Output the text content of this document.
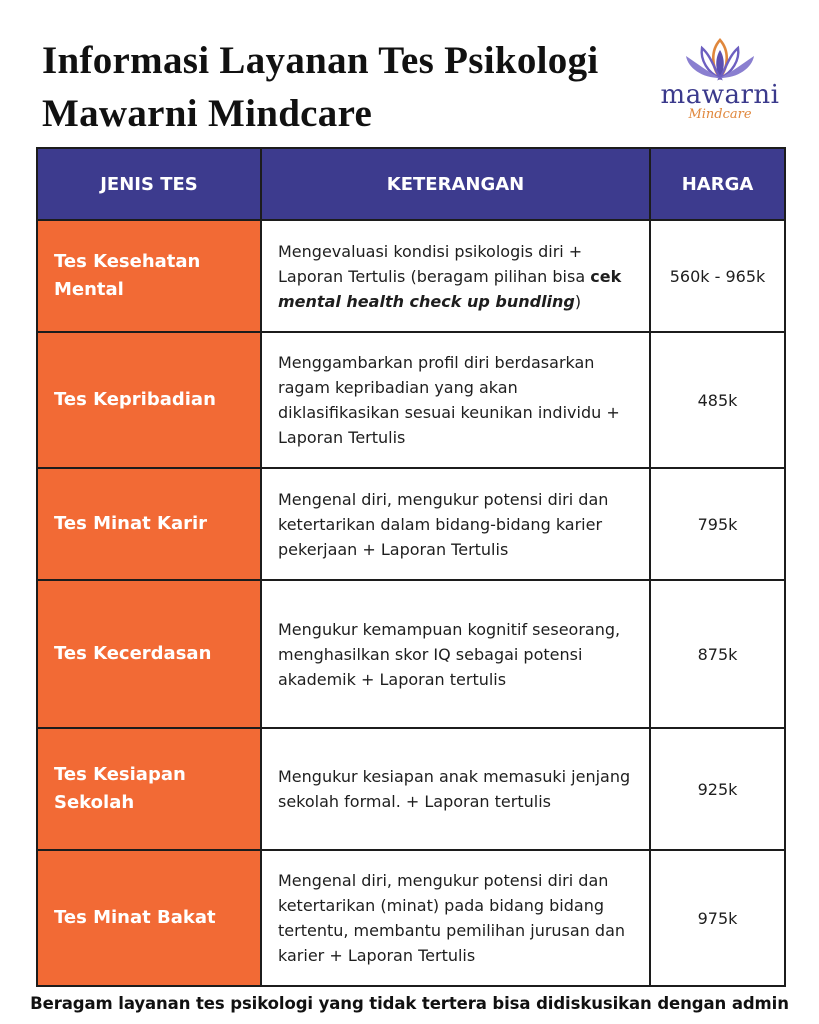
Informasi Layanan Tes Psikologi
Mawarni Mindcare	mawarni
Mindcare
JENIS TES	KETERANGAN	HARGA
Tes Kesehatan Mental	Mengevaluasi kondisi psikologis diri + Laporan Tertulis (beragam pilihan bisa cek mental health check up bundling)	560k - 965k
Tes Kepribadian	Menggambarkan profil diri berdasarkan ragam kepribadian yang akan diklasifikasikan sesuai keunikan individu + Laporan Tertulis	485k
Tes Minat Karir	Mengenal diri, mengukur potensi diri dan ketertarikan dalam bidang-bidang karier pekerjaan + Laporan Tertulis	795k
Tes Kecerdasan	Mengukur kemampuan kognitif seseorang, menghasilkan skor IQ sebagai potensi akademik + Laporan tertulis	875k
Tes Kesiapan Sekolah	Mengukur kesiapan anak memasuki jenjang sekolah formal. + Laporan tertulis	925k
Tes Minat Bakat	Mengenal diri, mengukur potensi diri dan ketertarikan (minat) pada bidang bidang tertentu, membantu pemilihan jurusan dan karier + Laporan Tertulis	975k
Beragam layanan tes psikologi yang tidak tertera bisa didiskusikan dengan admin
